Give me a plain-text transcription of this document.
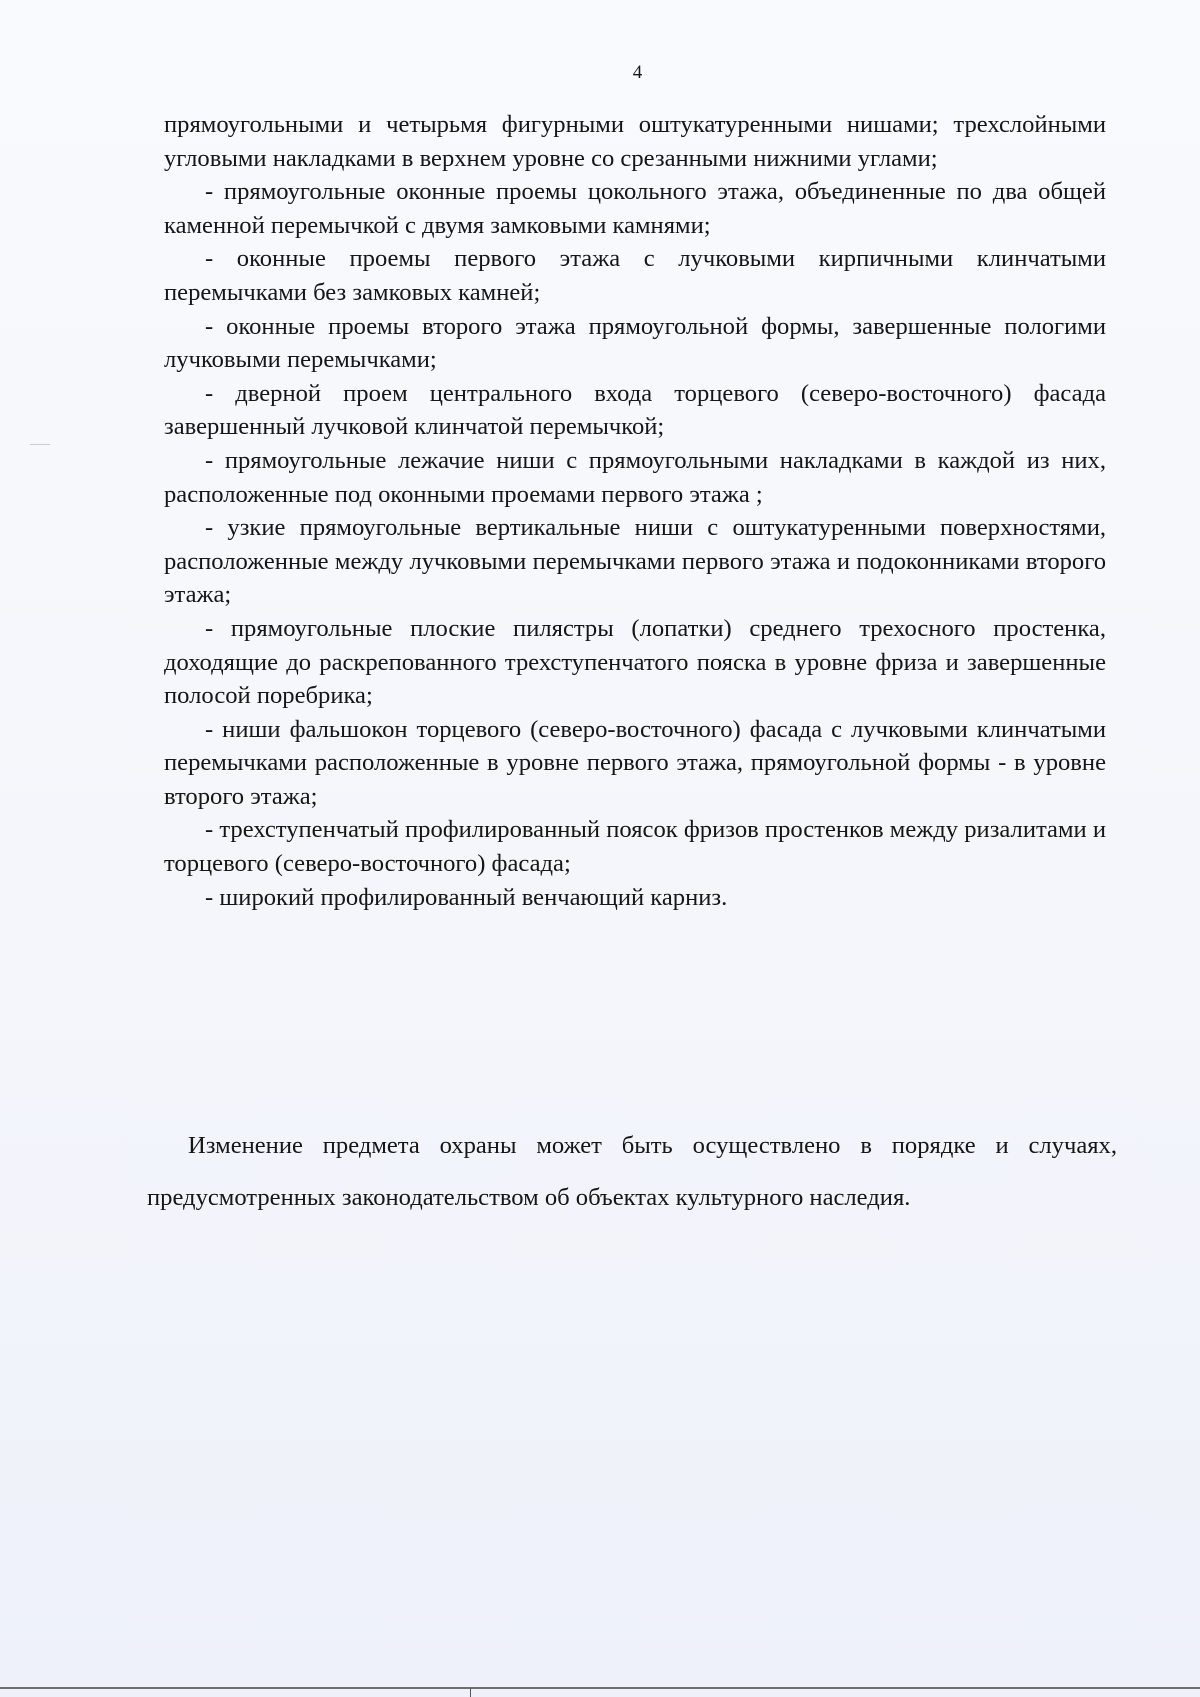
4

прямоугольными и четырьмя фигурными оштукатуренными нишами; трехслойными угловыми накладками в верхнем уровне со срезанными нижними углами;

- прямоугольные оконные проемы цокольного этажа, объединенные по два общей каменной перемычкой с двумя замковыми камнями;

- оконные проемы первого этажа с лучковыми кирпичными клинчатыми перемычками без замковых камней;

- оконные проемы второго этажа прямоугольной формы, завершенные пологими лучковыми перемычками;

- дверной проем центрального входа торцевого (северо-восточного) фасада завершенный лучковой клинчатой перемычкой;

- прямоугольные лежачие ниши с прямоугольными накладками в каждой из них, расположенные под оконными проемами первого этажа ;

- узкие прямоугольные вертикальные ниши с оштукатуренными поверхностями, расположенные между лучковыми перемычками первого этажа и подоконниками второго этажа;

- прямоугольные плоские пилястры (лопатки) среднего трехосного простенка, доходящие до раскрепованного трехступенчатого пояска в уровне фриза и завершенные полосой поребрика;

- ниши фальшокон торцевого (северо-восточного) фасада с лучковыми клинчатыми перемычками расположенные в уровне первого этажа, прямоугольной формы - в уровне второго этажа;

- трехступенчатый профилированный поясок фризов простенков между ризалитами и торцевого (северо-восточного) фасада;

- широкий профилированный венчающий карниз.

Изменение предмета охраны может быть осуществлено в порядке и случаях, предусмотренных законодательством об объектах культурного наследия.
